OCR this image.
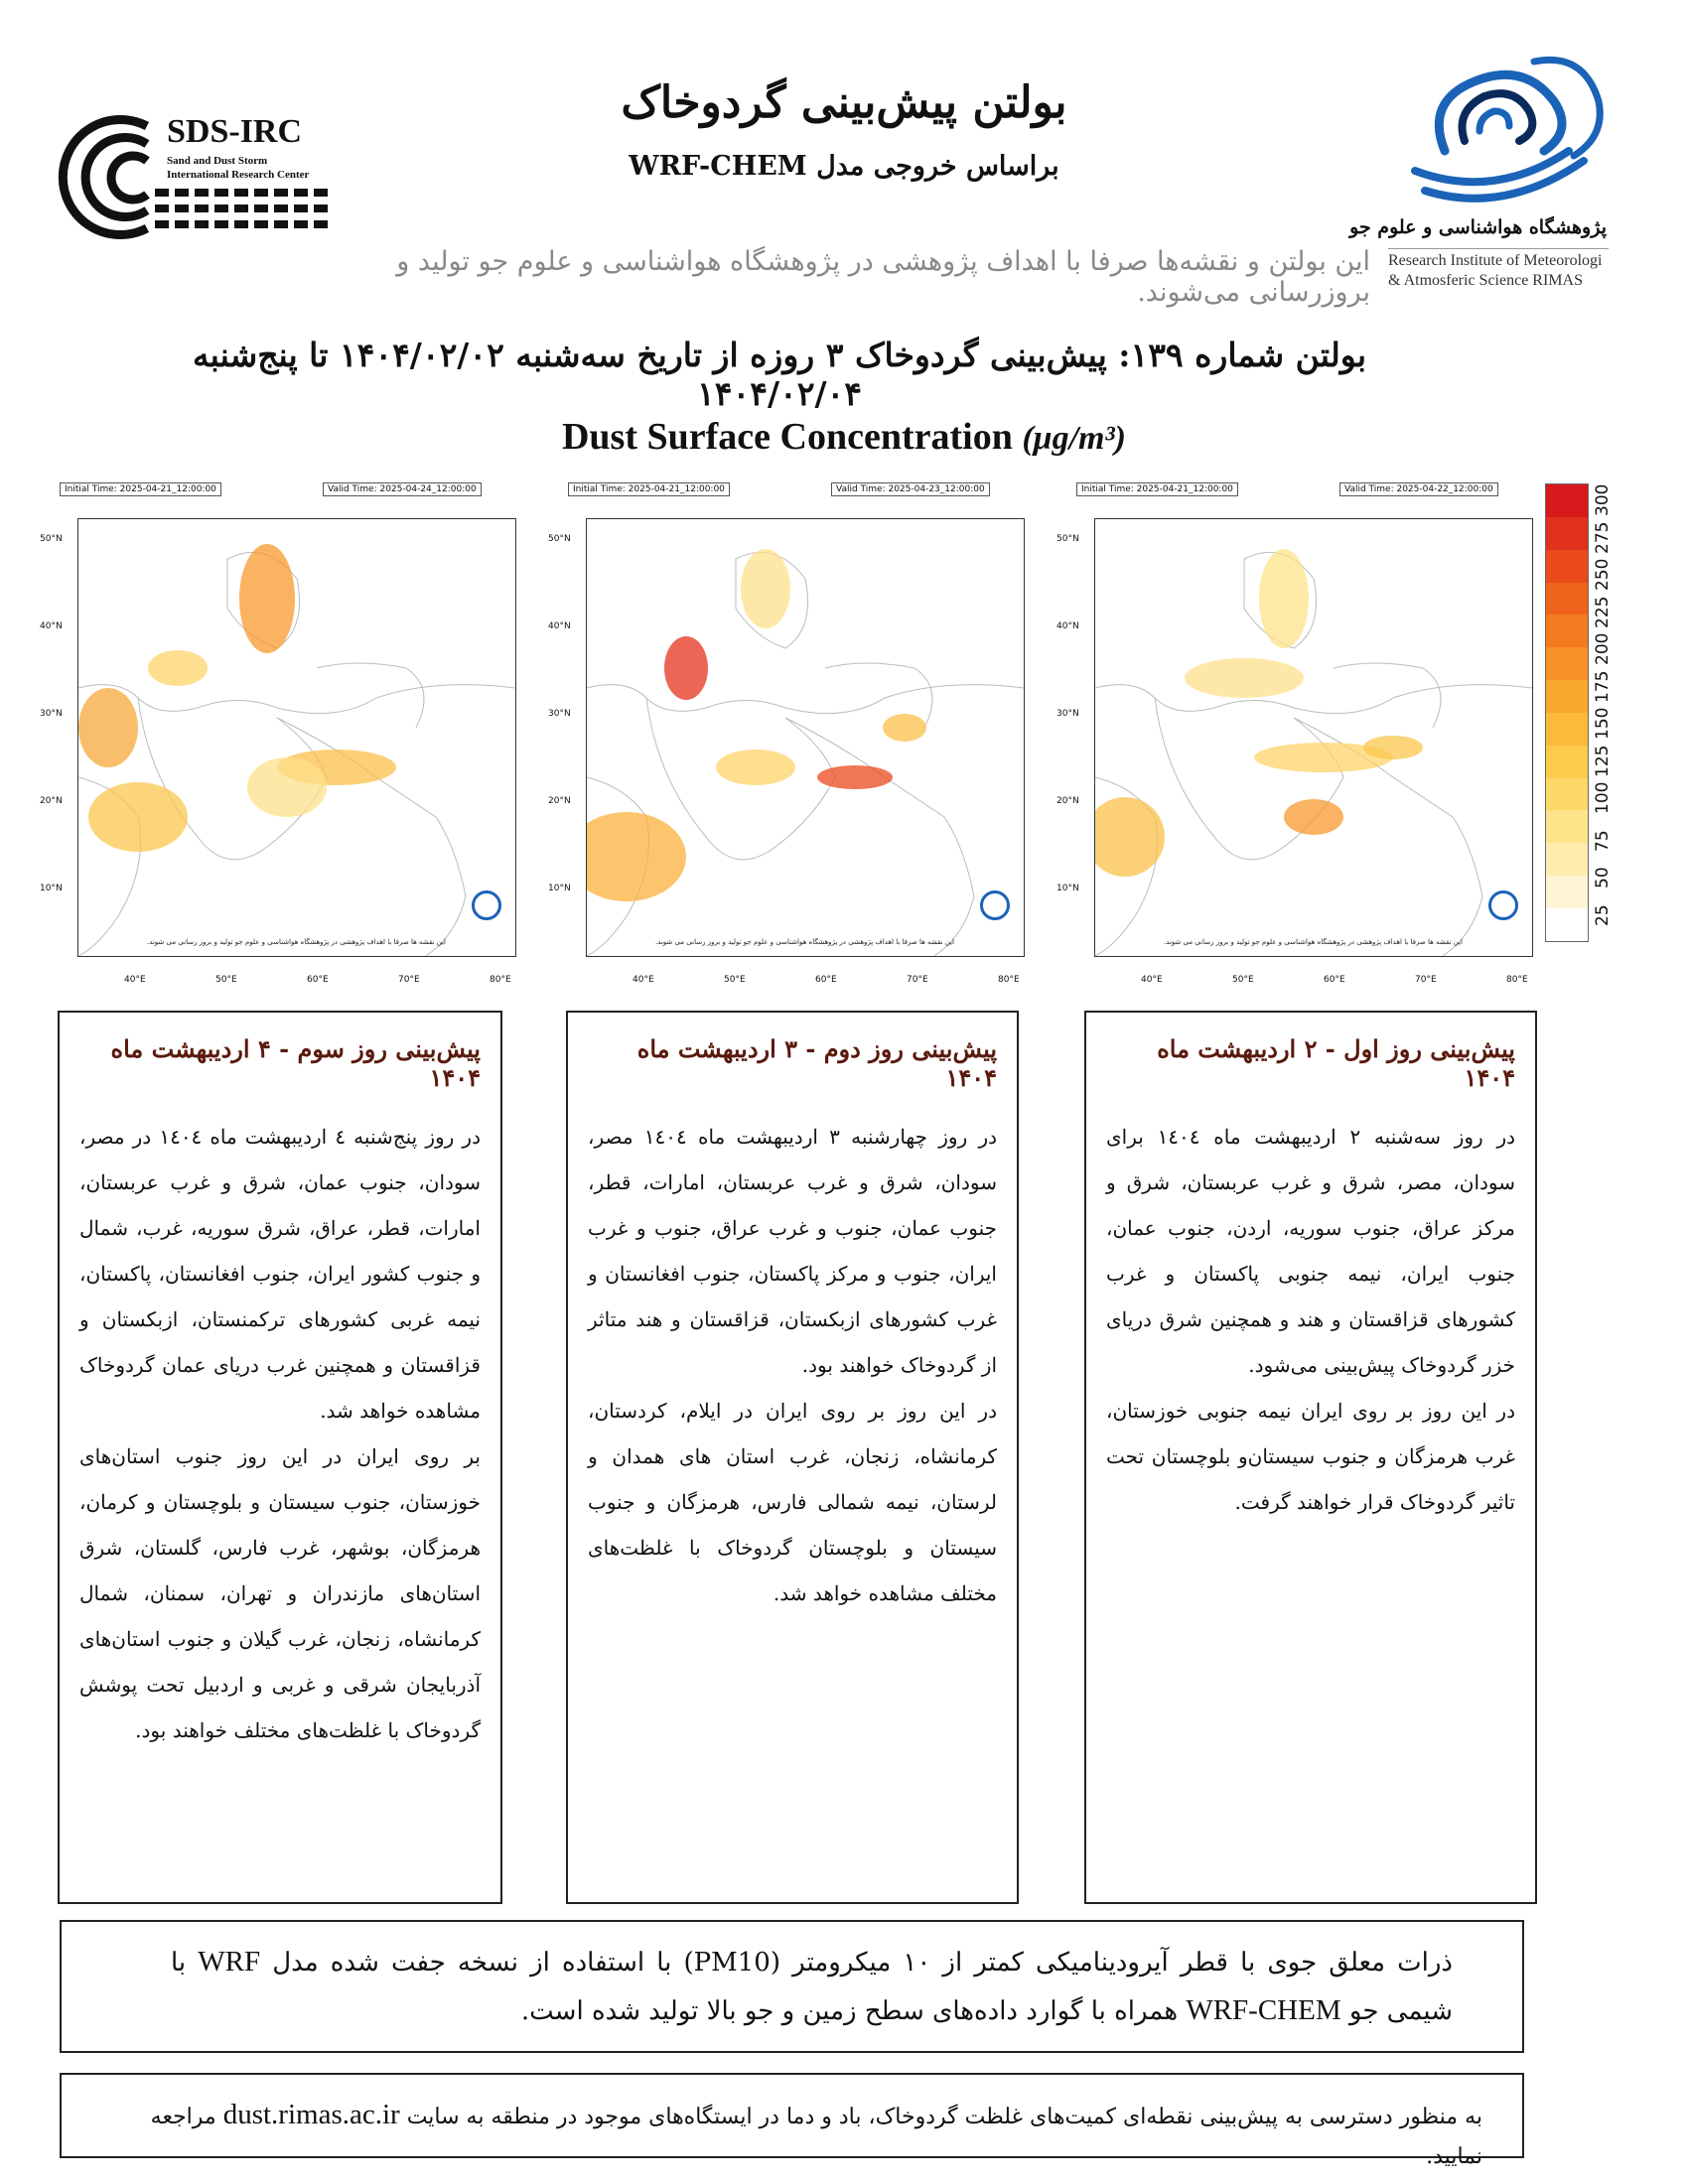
بولتن پیش‌بینی گردوخاک
براساس خروجی مدل WRF-CHEM
این بولتن و نقشه‌ها صرفا با اهداف پژوهشی در پژوهشگاه هواشناسی و علوم جو تولید و بروزرسانی می‌شوند.
پژوهشگاه هواشناسی و علوم جو
Research Institute of Meteorologi
& Atmosferic Science RIMAS
SDS-IRC
Sand and Dust Storm
International Research Center
بولتن شماره ۱۳۹: پیش‌بینی گردوخاک ۳ روزه از تاریخ سه‌شنبه ۱۴۰۴/۰۲/۰۲ تا پنج‌شنبه ۱۴۰۴/۰۲/۰۴
Dust Surface Concentration (μg/m³)
Initial Time: 2025-04-21_12:00:00	Valid Time: 2025-04-24_12:00:00
این نقشه ها صرفا با اهداف پژوهشی در پژوهشگاه هواشناسی و علوم جو تولید و بروز رسانی می شوند.
50°N
40°N
30°N
20°N
10°N
40°E	50°E	60°E	70°E	80°E
Initial Time: 2025-04-21_12:00:00	Valid Time: 2025-04-23_12:00:00
این نقشه ها صرفا با اهداف پژوهشی در پژوهشگاه هواشناسی و علوم جو تولید و بروز رسانی می شوند.
50°N
40°N
30°N
20°N
10°N
40°E	50°E	60°E	70°E	80°E
Initial Time: 2025-04-21_12:00:00	Valid Time: 2025-04-22_12:00:00
این نقشه ها صرفا با اهداف پژوهشی در پژوهشگاه هواشناسی و علوم جو تولید و بروز رسانی می شوند.
50°N
40°N
30°N
20°N
10°N
40°E	50°E	60°E	70°E	80°E
300
275
250
225
200
175
150
125
100
75
50
25
پیش‌بینی روز سوم - ۴ اردیبهشت ماه ۱۴۰۴

در روز پنج‌شنبه ٤ اردیبهشت ماه ١٤٠٤ در مصر، سودان، جنوب عمان، شرق و غرب عربستان، امارات، قطر، عراق، شرق سوریه، غرب، شمال و جنوب کشور ایران، جنوب افغانستان، پاکستان، نیمه غربی کشورهای ترکمنستان، ازبکستان و قزاقستان و همچنین غرب دریای عمان گردوخاک مشاهده خواهد شد.

بر روی ایران در این روز جنوب استان‌های خوزستان، جنوب سیستان و بلوچستان و کرمان، هرمزگان، بوشهر، غرب فارس، گلستان، شرق استان‌های مازندران و تهران، سمنان، شمال کرمانشاه، زنجان، غرب گیلان و جنوب استان‌های آذربایجان شرقی و غربی و اردبیل تحت پوشش گردوخاک با غلظت‌های مختلف خواهند بود.

پیش‌بینی روز دوم - ۳ اردیبهشت ماه ۱۴۰۴

در روز چهارشنبه ۳ اردیبهشت ماه ١٤٠٤ مصر، سودان، شرق و غرب عربستان، امارات، قطر، جنوب عمان، جنوب و غرب عراق، جنوب و غرب ایران، جنوب و مرکز پاکستان، جنوب افغانستان و غرب کشورهای ازبکستان، قزاقستان و هند متاثر از گردوخاک خواهند بود.

در این روز بر روی ایران در ایلام، کردستان، کرمانشاه، زنجان، غرب استان های همدان و لرستان، نیمه شمالی فارس، هرمزگان و جنوب سیستان و بلوچستان گردوخاک با غلظت‌های مختلف مشاهده خواهد شد.

پیش‌بینی روز اول - ۲ اردیبهشت ماه ۱۴۰۴

در روز سه‌شنبه ۲ اردیبهشت ماه ١٤٠٤ برای سودان، مصر، شرق و غرب عربستان، شرق و مرکز عراق، جنوب سوریه، اردن، جنوب عمان، جنوب ایران، نیمه جنوبی پاکستان و غرب کشورهای قزاقستان و هند و همچنین شرق دریای خزر گردوخاک پیش‌بینی می‌شود.

در این روز بر روی ایران نیمه جنوبی خوزستان، غرب هرمزگان و جنوب سیستان‌و بلوچستان تحت تاثیر گردوخاک قرار خواهند گرفت.

ذرات معلق جوی با قطر آیرودینامیکی کمتر از ۱۰ میکرومتر (PM10) با استفاده از نسخه جفت شده مدل WRF با شیمی جو WRF-CHEM همراه با گوارد داده‌های سطح زمین و جو بالا تولید شده است.

به منظور دسترسی به پیش‌بینی نقطه‌ای کمیت‌های غلظت گردوخاک، باد و دما در ایستگاه‌های موجود در منطقه به سایت dust.rimas.ac.ir مراجعه نمایید.
